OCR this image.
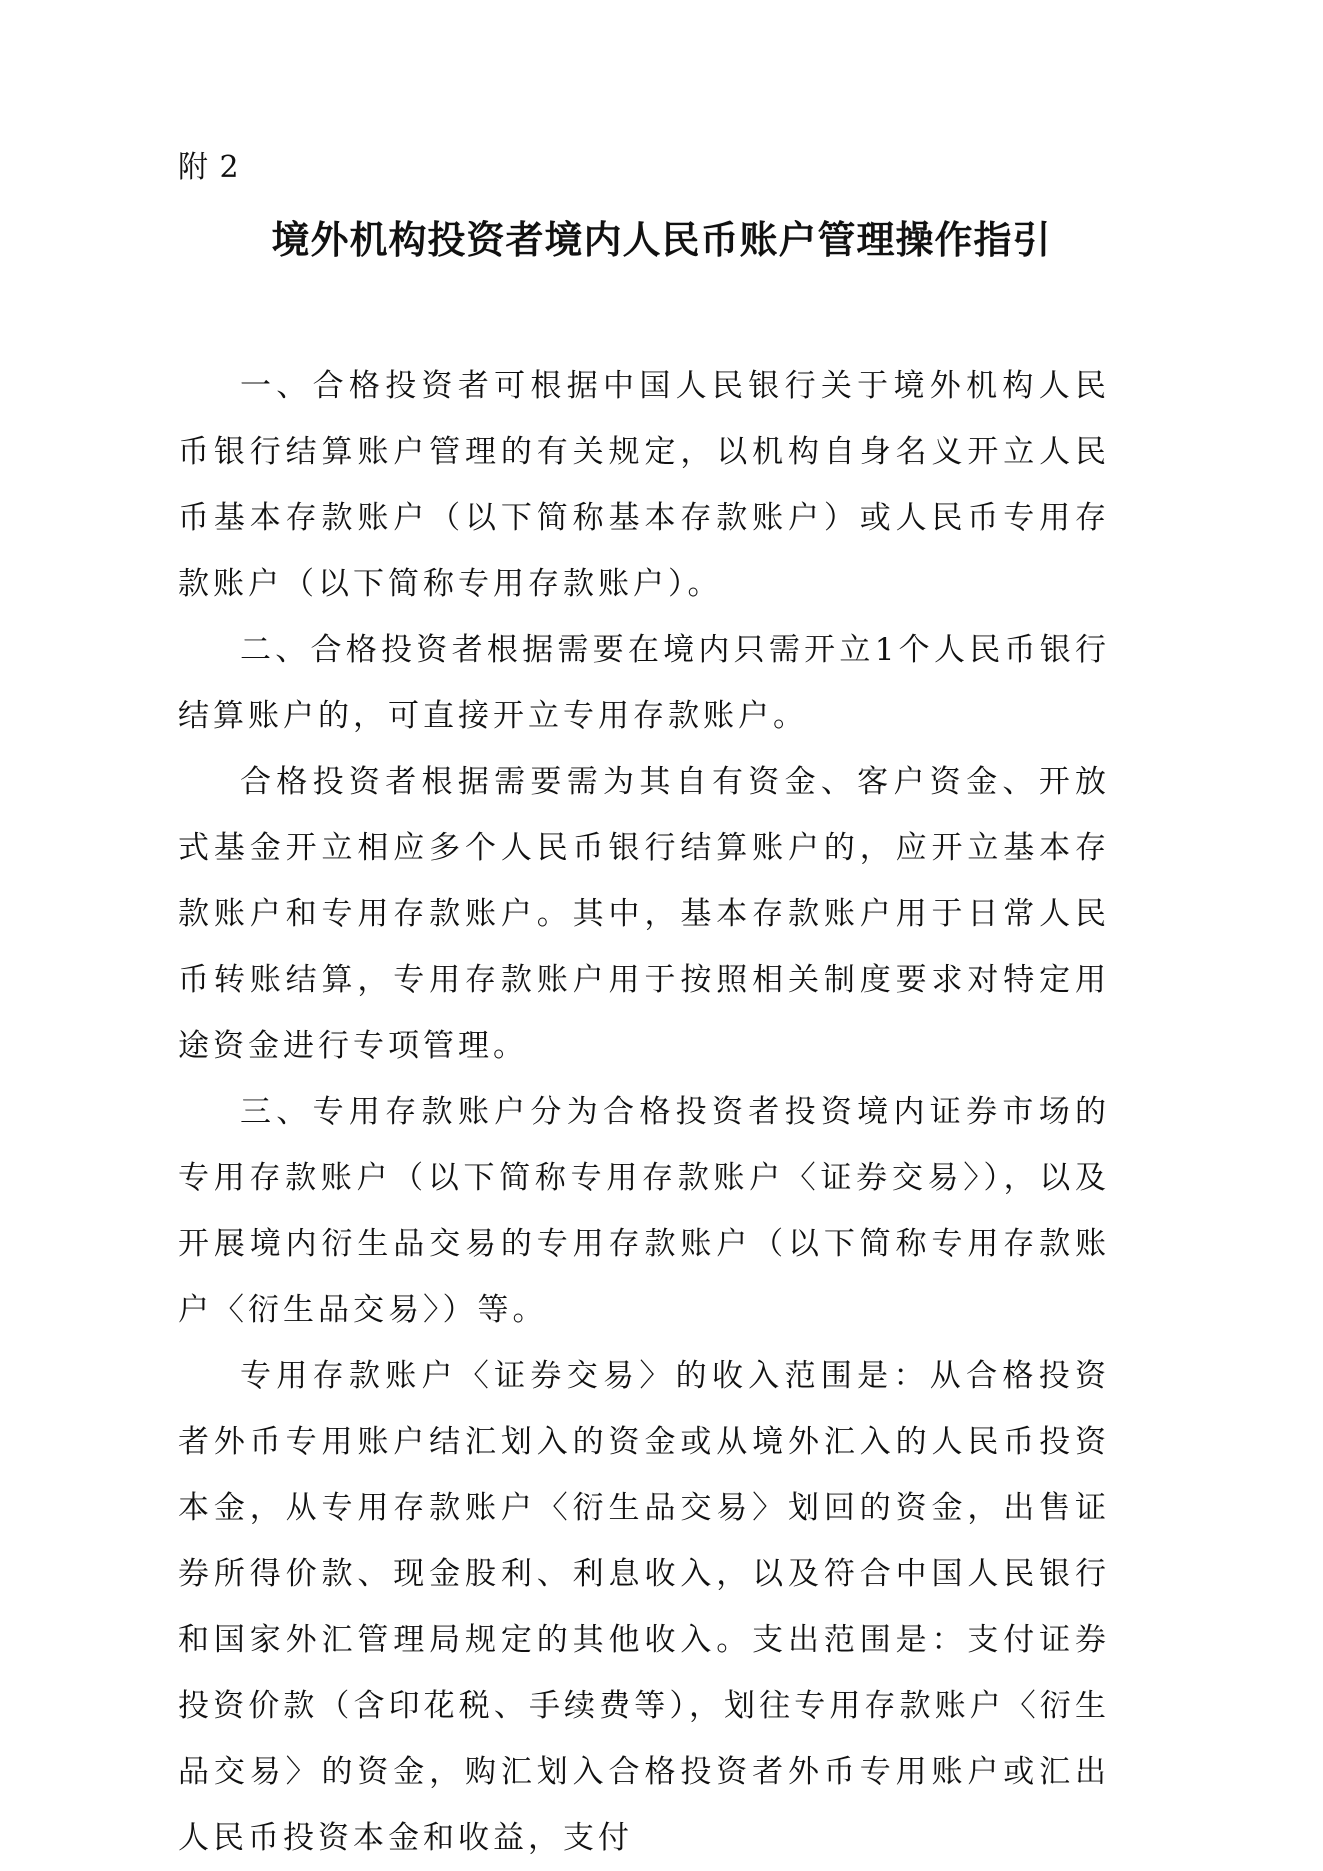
附 2
境外机构投资者境内人民币账户管理操作指引

一、合格投资者可根据中国人民银行关于境外机构人民币银行结算账户管理的有关规定，以机构自身名义开立人民币基本存款账户（以下简称基本存款账户）或人民币专用存款账户（以下简称专用存款账户）。

二、合格投资者根据需要在境内只需开立1个人民币银行结算账户的，可直接开立专用存款账户。

合格投资者根据需要需为其自有资金、客户资金、开放式基金开立相应多个人民币银行结算账户的，应开立基本存款账户和专用存款账户。其中，基本存款账户用于日常人民币转账结算，专用存款账户用于按照相关制度要求对特定用途资金进行专项管理。

三、专用存款账户分为合格投资者投资境内证券市场的专用存款账户（以下简称专用存款账户〈证券交易〉），以及开展境内衍生品交易的专用存款账户（以下简称专用存款账户〈衍生品交易〉）等。

专用存款账户〈证券交易〉的收入范围是：从合格投资者外币专用账户结汇划入的资金或从境外汇入的人民币投资本金，从专用存款账户〈衍生品交易〉划回的资金，出售证券所得价款、现金股利、利息收入，以及符合中国人民银行和国家外汇管理局规定的其他收入。支出范围是：支付证券投资价款（含印花税、手续费等），划往专用存款账户〈衍生品交易〉的资金，购汇划入合格投资者外币专用账户或汇出人民币投资本金和收益，支付
